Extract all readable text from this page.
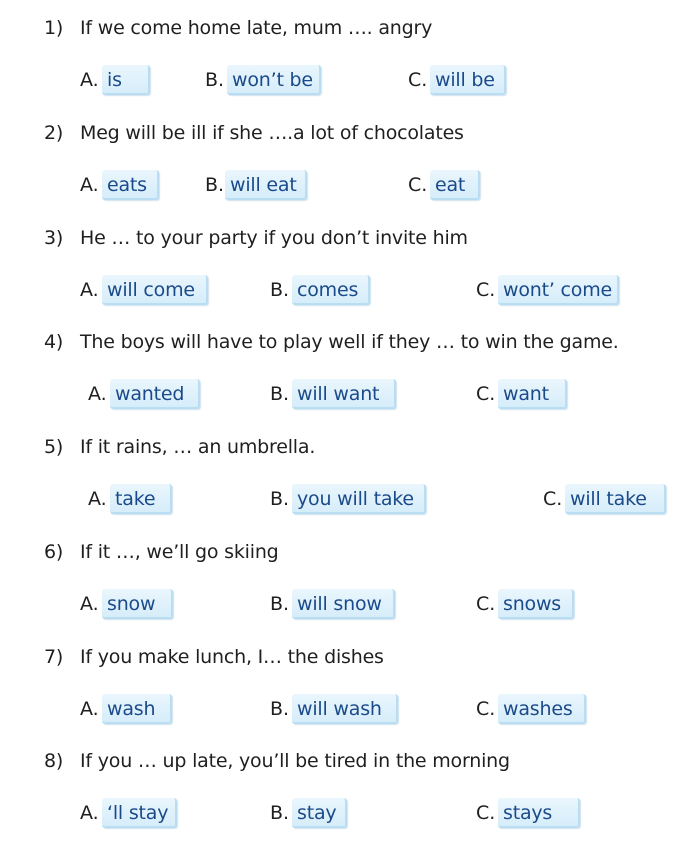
1) If we come home late, mum …. angry
A. is	B. won’t be	C. will be
2) Meg will be ill if she ….a lot of chocolates
A. eats	B. will eat	C. eat
3) He … to your party if you don’t invite him
A. will come	B. comes	C. wont’ come
4) The boys will have to play well if they … to win the game.
A. wanted	B. will want	C. want
5) If it rains, … an umbrella.
A. take	B. you will take	C. will take
6) If it …, we’ll go skiing
A. snow	B. will snow	C. snows
7) If you make lunch, I… the dishes
A. wash	B. will wash	C. washes
8) If you … up late, you’ll be tired in the morning
A. ‘ll stay	B. stay	C. stays
